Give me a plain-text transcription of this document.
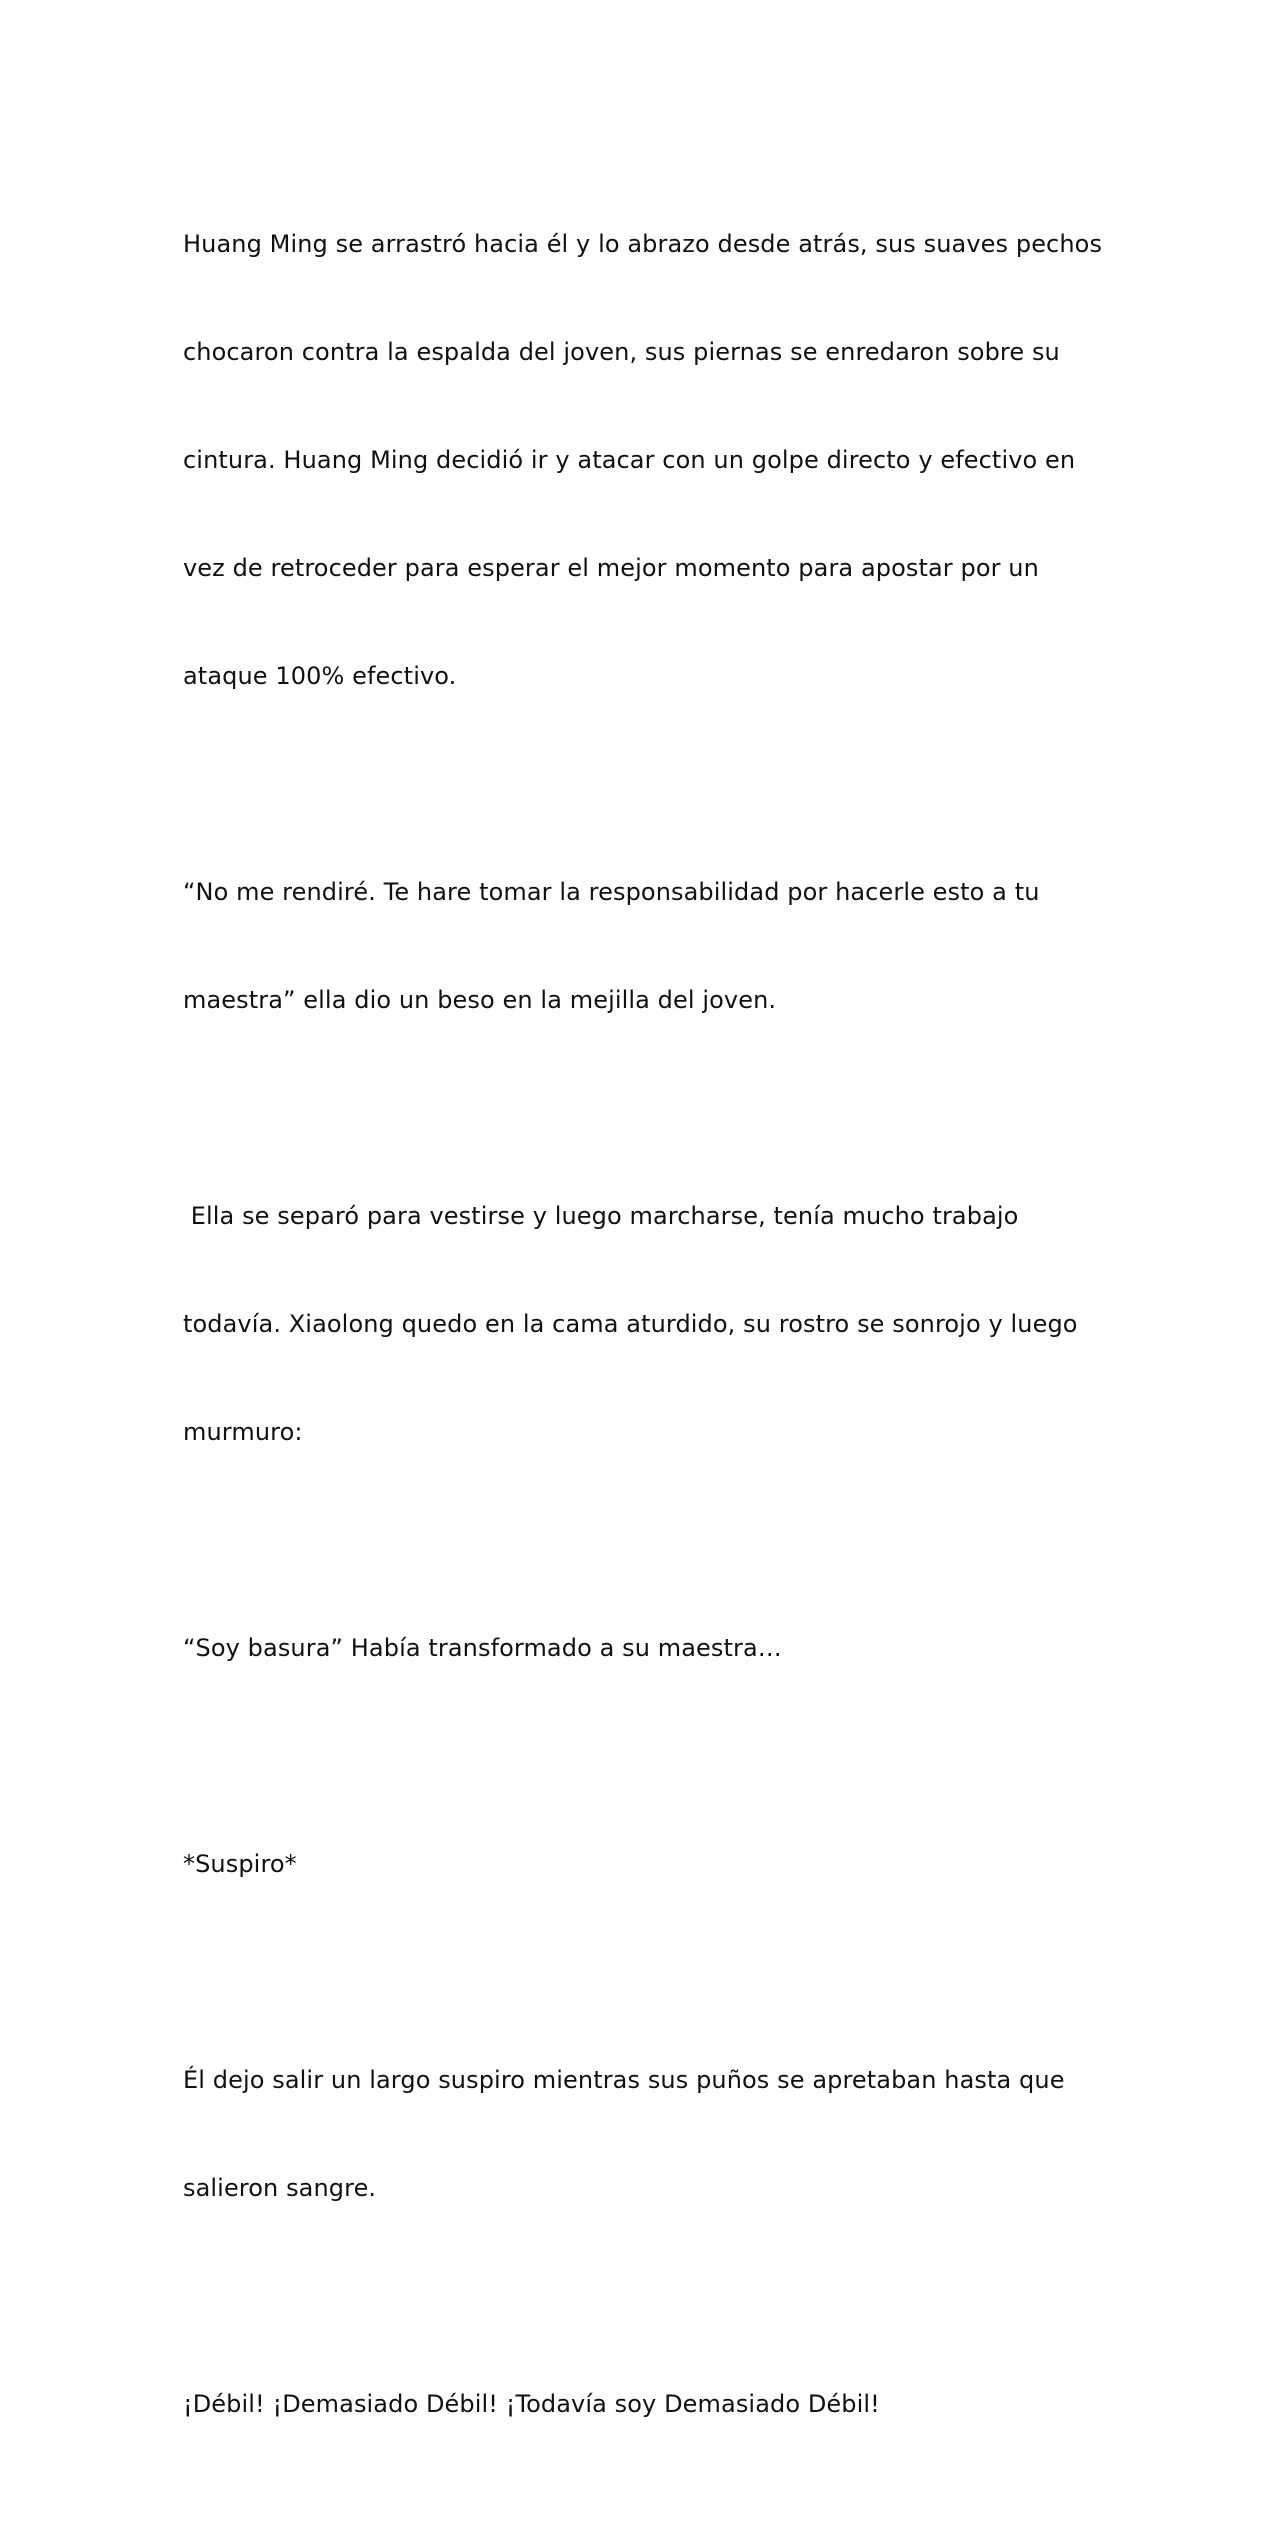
Huang Ming se arrastró hacia él y lo abrazo desde atrás, sus suaves pechos

chocaron contra la espalda del joven, sus piernas se enredaron sobre su

cintura. Huang Ming decidió ir y atacar con un golpe directo y efectivo en

vez de retroceder para esperar el mejor momento para apostar por un

ataque 100% efectivo.

“No me rendiré. Te hare tomar la responsabilidad por hacerle esto a tu

maestra” ella dio un beso en la mejilla del joven.

Ella se separó para vestirse y luego marcharse, tenía mucho trabajo

todavía. Xiaolong quedo en la cama aturdido, su rostro se sonrojo y luego

murmuro:

“Soy basura” Había transformado a su maestra…

*Suspiro*

Él dejo salir un largo suspiro mientras sus puños se apretaban hasta que

salieron sangre.

¡Débil! ¡Demasiado Débil! ¡Todavía soy Demasiado Débil!
